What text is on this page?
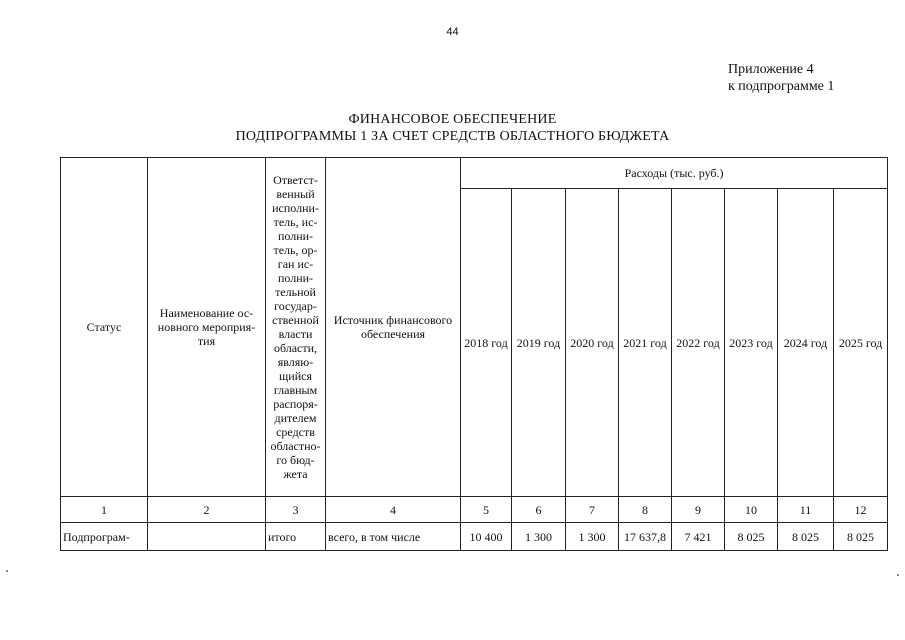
44
Приложение 4
к подпрограмме 1
ФИНАНСОВОЕ ОБЕСПЕЧЕНИЕ
ПОДПРОГРАММЫ 1 ЗА СЧЕТ СРЕДСТВ ОБЛАСТНОГО БЮДЖЕТА
Статус	Наименование ос-новного мероприя-тия	Ответст-венный исполни-тель, ис-полни-тель, ор-ган ис-полни-тельной государ-ственной власти области, являю-щийся главным распоря-дителем средств областно-го бюд-жета	Источник финансового обеспечения	Расходы (тыс. руб.)							
				2018 год	2019 год	2020 год	2021 год	2022 год	2023 год	2024 год	2025 год
1	2	3	4	5	6	7	8	9	10	11	12
Подпрограм-		итого	всего, в том числе	10 400	1 300	1 300	17 637,8	7 421	8 025	8 025	8 025
